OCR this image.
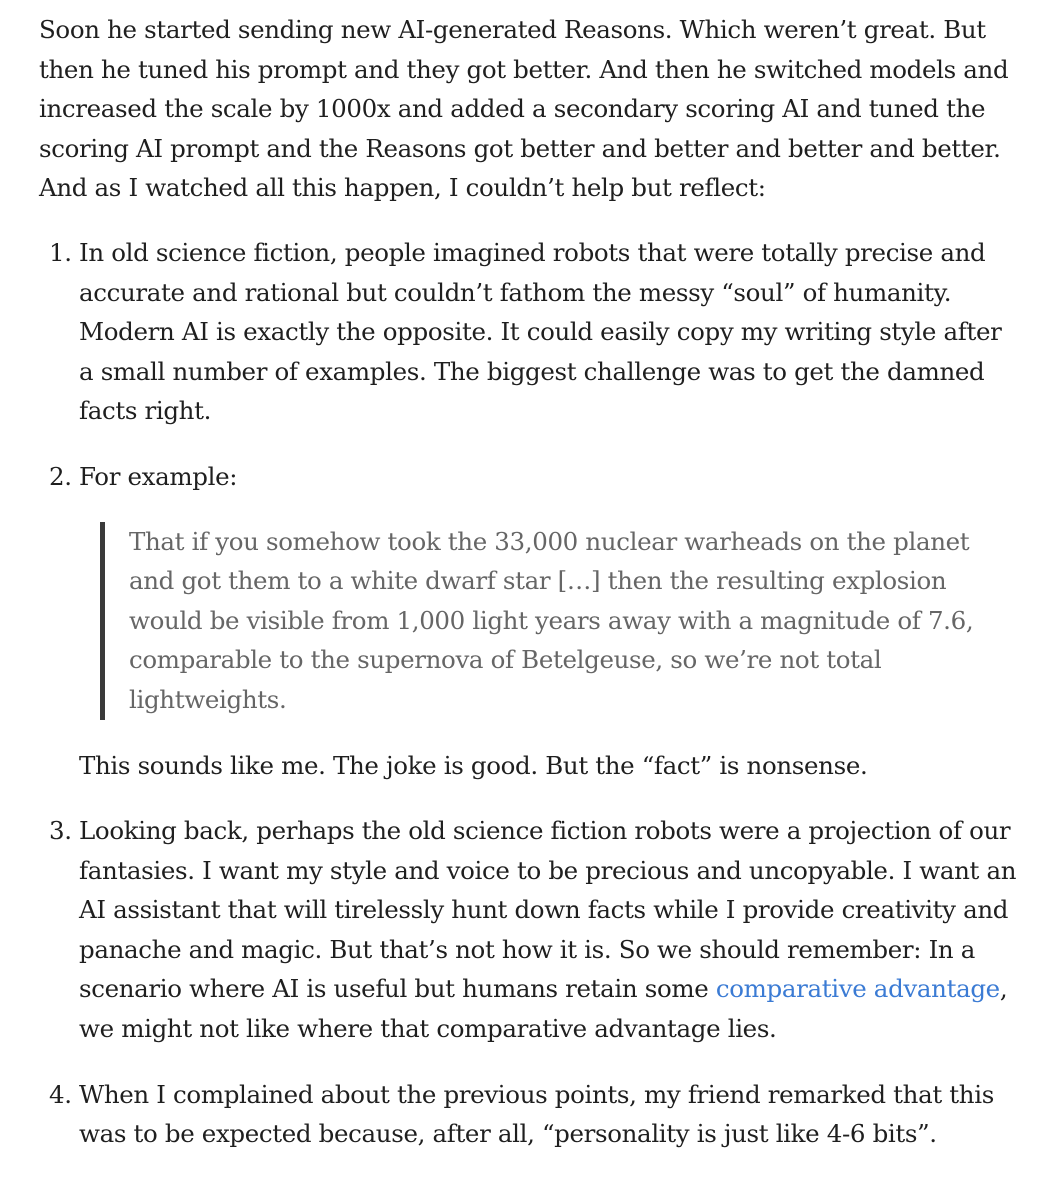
Soon he started sending new AI-generated Reasons. Which weren’t great. But then he tuned his prompt and they got better. And then he switched models and increased the scale by 1000x and added a secondary scoring AI and tuned the scoring AI prompt and the Reasons got better and better and better and better. And as I watched all this happen, I couldn’t help but reflect:

1. In old science fiction, people imagined robots that were totally precise and accurate and rational but couldn’t fathom the messy “soul” of humanity. Modern AI is exactly the opposite. It could easily copy my writing style after a small number of examples. The biggest challenge was to get the damned facts right.
2. For example:

That if you somehow took the 33,000 nuclear warheads on the planet and got them to a white dwarf star […] then the resulting explosion would be visible from 1,000 light years away with a magnitude of 7.6, comparable to the supernova of Betelgeuse, so we’re not total lightweights.

This sounds like me. The joke is good. But the “fact” is nonsense.

3. Looking back, perhaps the old science fiction robots were a projection of our fantasies. I want my style and voice to be precious and uncopyable. I want an AI assistant that will tirelessly hunt down facts while I provide creativity and panache and magic. But that’s not how it is. So we should remember: In a scenario where AI is useful but humans retain some comparative advantage, we might not like where that comparative advantage lies.
4. When I complained about the previous points, my friend remarked that this was to be expected because, after all, “personality is just like 4-6 bits”.
